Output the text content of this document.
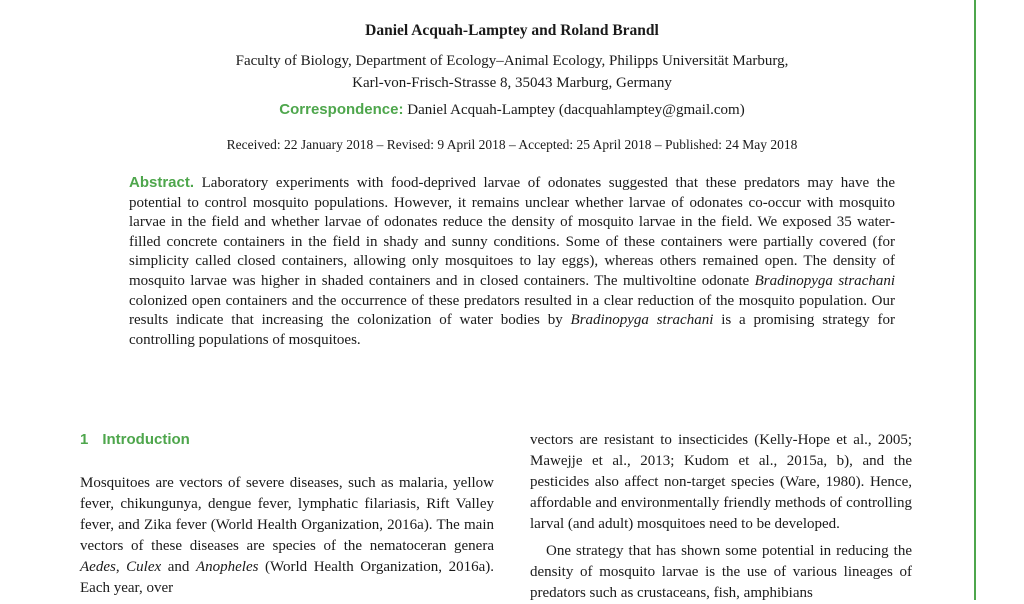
Daniel Acquah-Lamptey and Roland Brandl
Faculty of Biology, Department of Ecology–Animal Ecology, Philipps Universität Marburg,
Karl-von-Frisch-Strasse 8, 35043 Marburg, Germany
Correspondence: Daniel Acquah-Lamptey (dacquahlamptey@gmail.com)
Received: 22 January 2018 – Revised: 9 April 2018 – Accepted: 25 April 2018 – Published: 24 May 2018
Abstract. Laboratory experiments with food-deprived larvae of odonates suggested that these predators may have the potential to control mosquito populations. However, it remains unclear whether larvae of odonates co-occur with mosquito larvae in the field and whether larvae of odonates reduce the density of mosquito larvae in the field. We exposed 35 water-filled concrete containers in the field in shady and sunny conditions. Some of these containers were partially covered (for simplicity called closed containers, allowing only mosquitoes to lay eggs), whereas others remained open. The density of mosquito larvae was higher in shaded containers and in closed containers. The multivoltine odonate Bradinopyga strachani colonized open containers and the occurrence of these predators resulted in a clear reduction of the mosquito population. Our results indicate that increasing the colonization of water bodies by Bradinopyga strachani is a promising strategy for controlling populations of mosquitoes.
1 Introduction

Mosquitoes are vectors of severe diseases, such as malaria, yellow fever, chikungunya, dengue fever, lymphatic filariasis, Rift Valley fever, and Zika fever (World Health Organization, 2016a). The main vectors of these diseases are species of the nematoceran genera Aedes, Culex and Anopheles (World Health Organization, 2016a). Each year, over

vectors are resistant to insecticides (Kelly-Hope et al., 2005; Mawejje et al., 2013; Kudom et al., 2015a, b), and the pesticides also affect non-target species (Ware, 1980). Hence, affordable and environmentally friendly methods of controlling larval (and adult) mosquitoes need to be developed.

One strategy that has shown some potential in reducing the density of mosquito larvae is the use of various lineages of predators such as crustaceans, fish, amphibians
